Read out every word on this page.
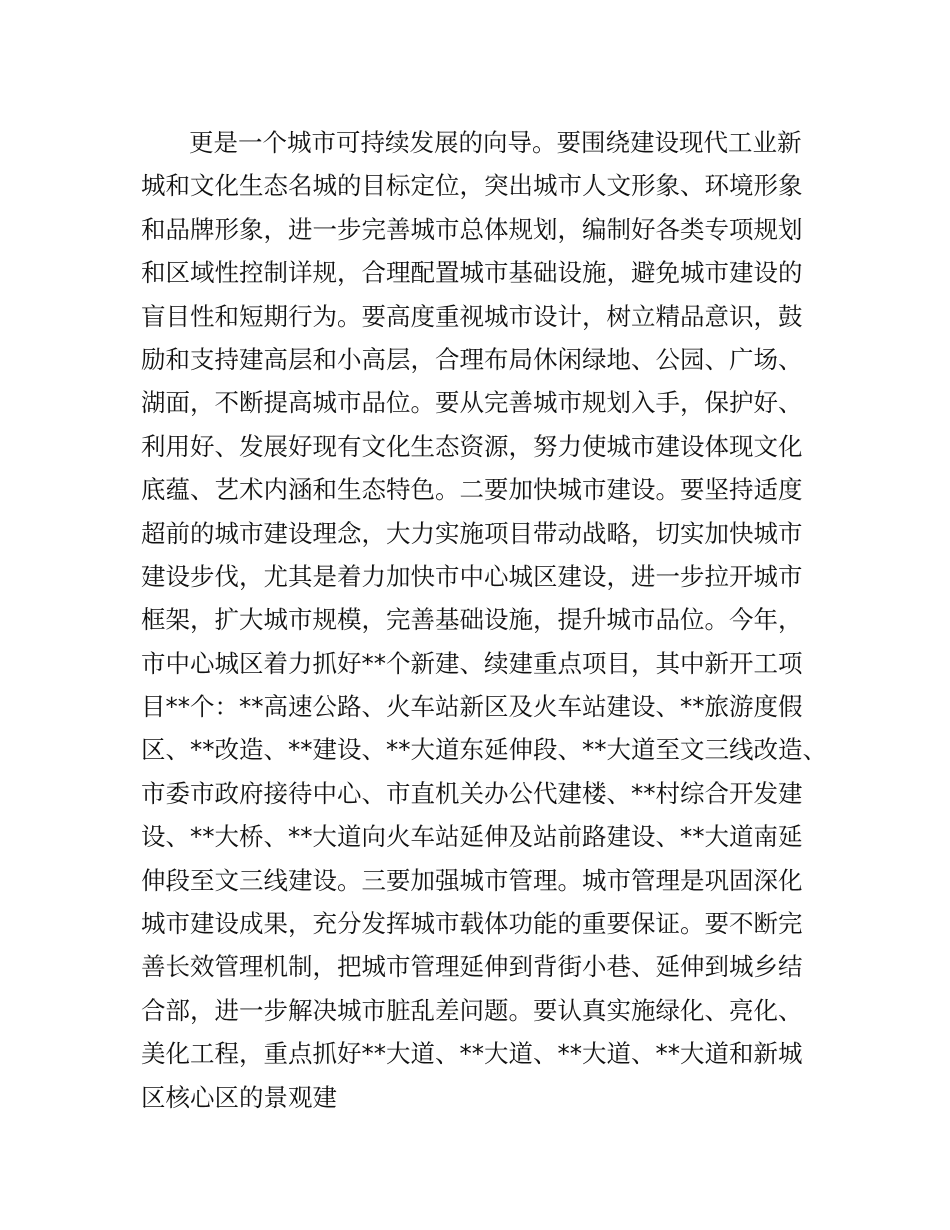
更是一个城市可持续发展的向导。要围绕建设现代工业新
城和文化生态名城的目标定位，突出城市人文形象、环境形象
和品牌形象，进一步完善城市总体规划，编制好各类专项规划
和区域性控制详规，合理配置城市基础设施，避免城市建设的
盲目性和短期行为。要高度重视城市设计，树立精品意识，鼓
励和支持建高层和小高层，合理布局休闲绿地、公园、广场、
湖面，不断提高城市品位。要从完善城市规划入手，保护好、
利用好、发展好现有文化生态资源，努力使城市建设体现文化
底蕴、艺术内涵和生态特色。二要加快城市建设。要坚持适度
超前的城市建设理念，大力实施项目带动战略，切实加快城市
建设步伐，尤其是着力加快市中心城区建设，进一步拉开城市
框架，扩大城市规模，完善基础设施，提升城市品位。今年，
市中心城区着力抓好**个新建、续建重点项目，其中新开工项
目**个：**高速公路、火车站新区及火车站建设、**旅游度假
区、**改造、**建设、**大道东延伸段、**大道至文三线改造、
市委市政府接待中心、市直机关办公代建楼、**村综合开发建
设、**大桥、**大道向火车站延伸及站前路建设、**大道南延
伸段至文三线建设。三要加强城市管理。城市管理是巩固深化
城市建设成果，充分发挥城市载体功能的重要保证。要不断完
善长效管理机制，把城市管理延伸到背街小巷、延伸到城乡结
合部，进一步解决城市脏乱差问题。要认真实施绿化、亮化、
美化工程，重点抓好**大道、**大道、**大道、**大道和新城
区核心区的景观建
